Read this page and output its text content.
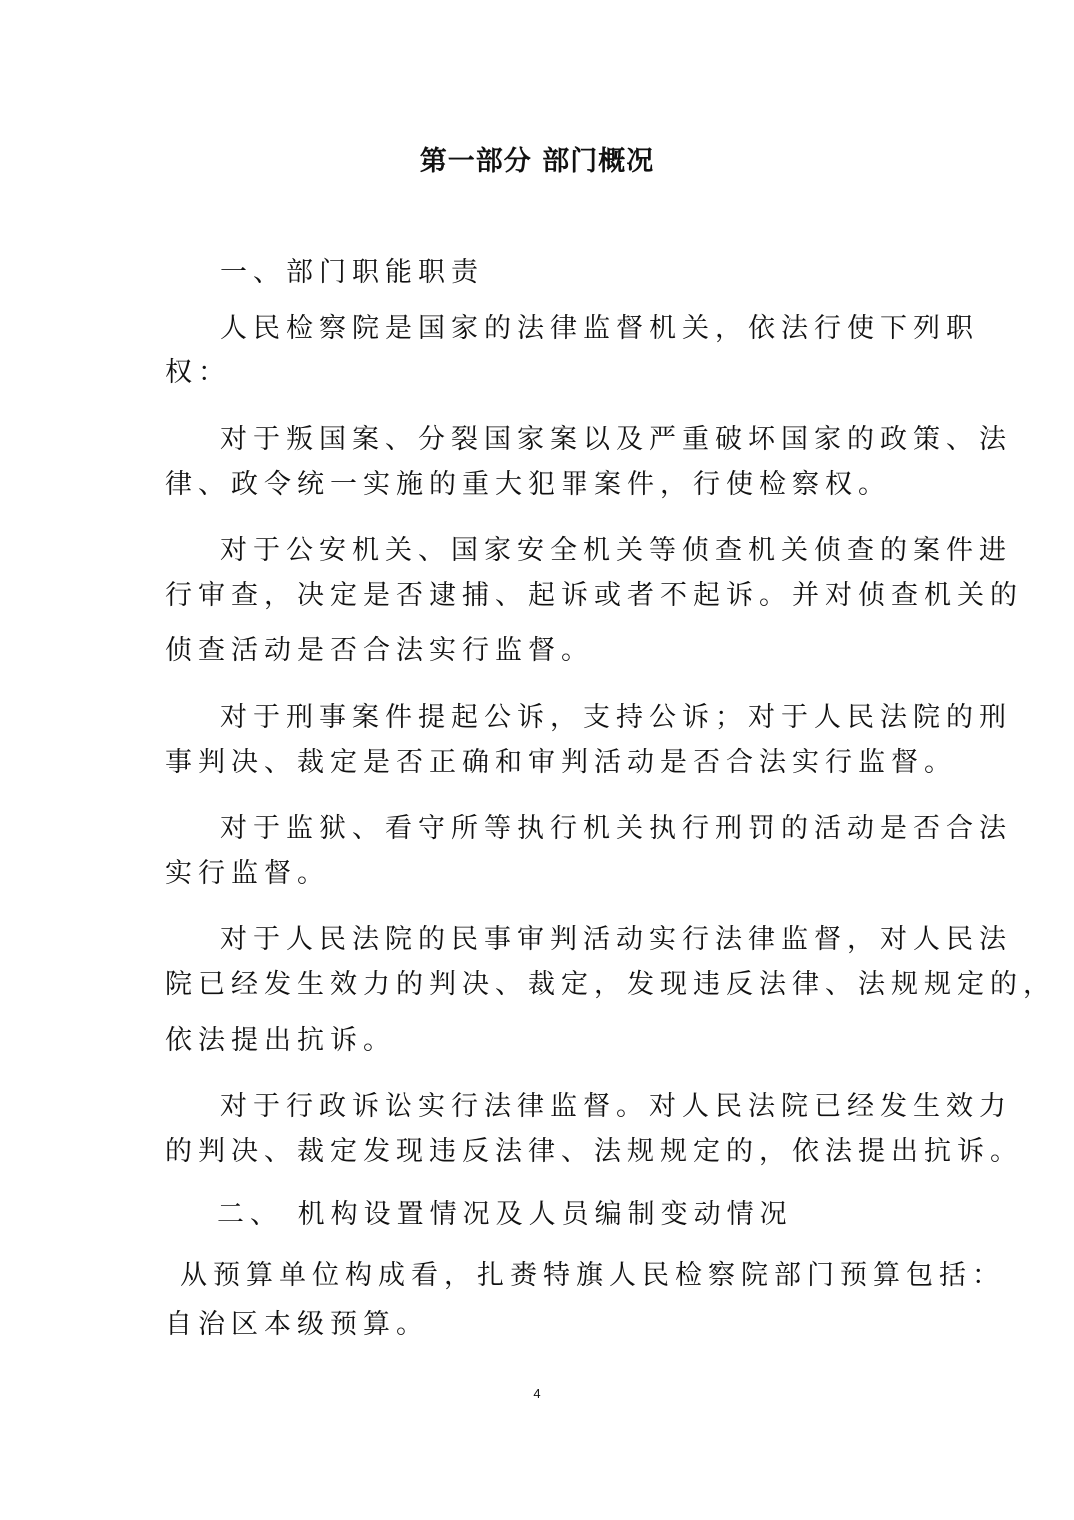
第一部分 部门概况
一、部门职能职责
人民检察院是国家的法律监督机关，依法行使下列职
权：
对于叛国案、分裂国家案以及严重破坏国家的政策、法
律、政令统一实施的重大犯罪案件，行使检察权。
对于公安机关、国家安全机关等侦查机关侦查的案件进
行审查，决定是否逮捕、起诉或者不起诉。并对侦查机关的
侦查活动是否合法实行监督。
对于刑事案件提起公诉，支持公诉；对于人民法院的刑
事判决、裁定是否正确和审判活动是否合法实行监督。
对于监狱、看守所等执行机关执行刑罚的活动是否合法
实行监督。
对于人民法院的民事审判活动实行法律监督，对人民法
院已经发生效力的判决、裁定，发现违反法律、法规规定的，
依法提出抗诉。
对于行政诉讼实行法律监督。对人民法院已经发生效力
的判决、裁定发现违反法律、法规规定的，依法提出抗诉。
二、 机构设置情况及人员编制变动情况
从预算单位构成看，扎赉特旗人民检察院部门预算包括：
自治区本级预算。
4
